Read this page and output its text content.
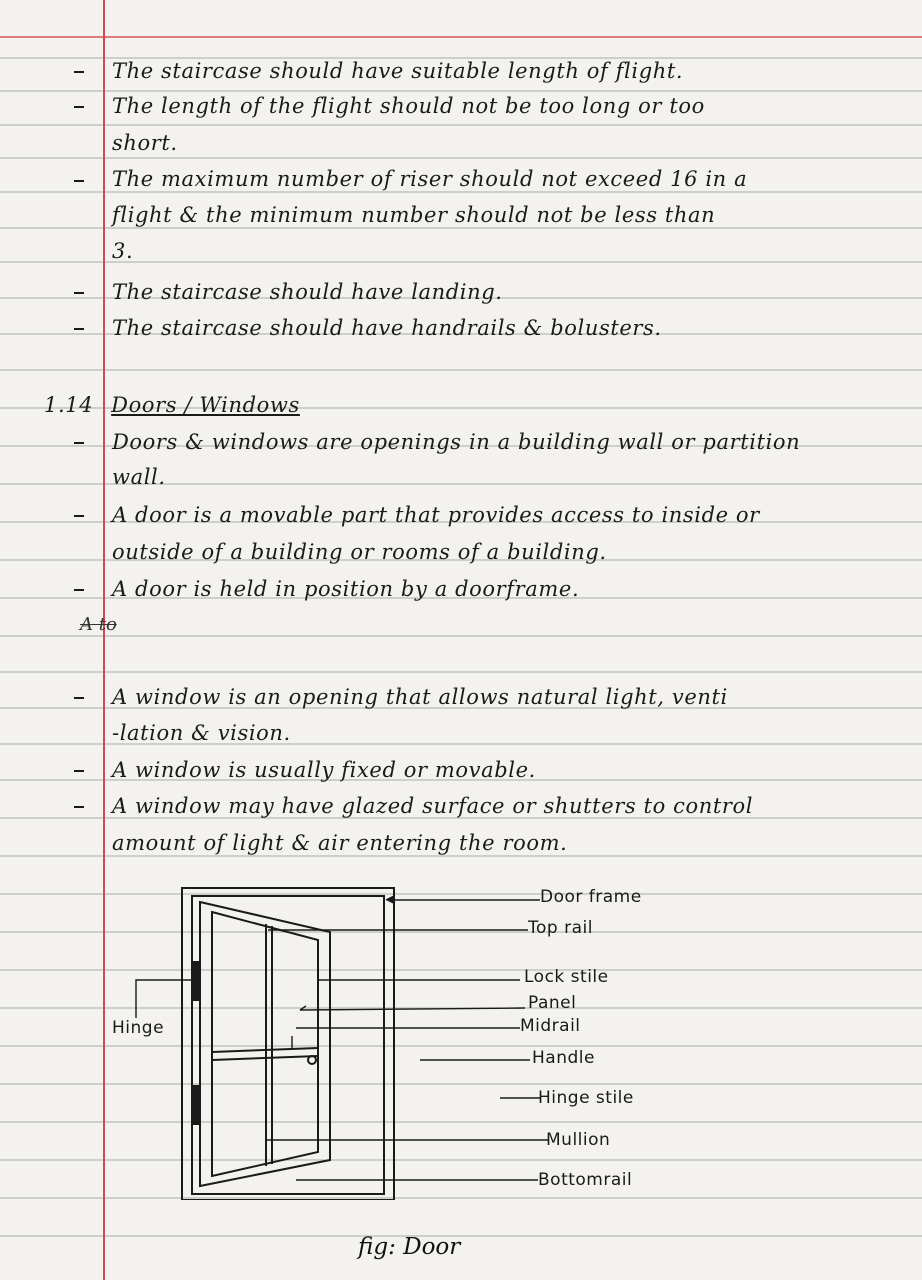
The staircase should have suitable length of flight.
The length of the flight should not be too long or too
short.
The maximum number of riser should not exceed 16 in a
flight & the minimum number should not be less than
3.
The staircase should have landing.
The staircase should have handrails & bolusters.
1.14 Doors / Windows
Doors & windows are openings in a building wall or partition
wall.
A door is a movable part that provides access to inside or
outside of a building or rooms of a building.
A door is held in position by a doorframe.
A to
A window is an opening that allows natural light, venti
-lation & vision.
A window is usually fixed or movable.
A window may have glazed surface or shutters to control
amount of light & air entering the room.
Door frame
Top rail
Lock stile
Panel
Midrail
Handle
Hinge stile
Mullion
Bottomrail
Hinge
fig: Door
